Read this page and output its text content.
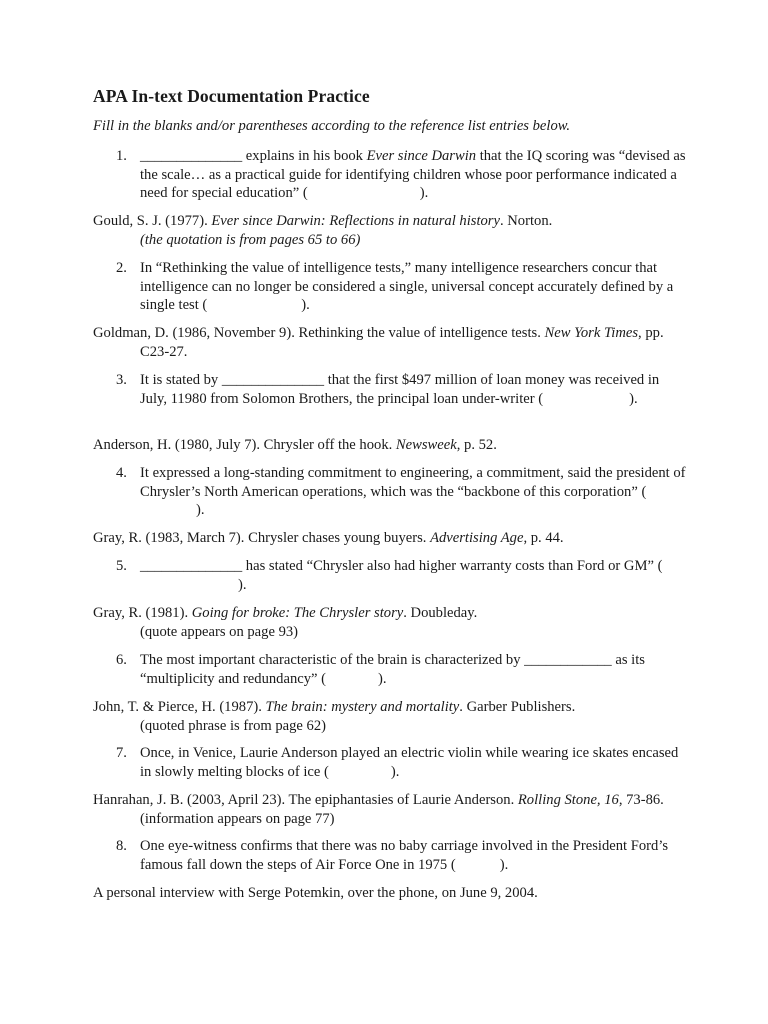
APA In-text Documentation Practice
Fill in the blanks and/or parentheses according to the reference list entries below.
1. ______________ explains in his book Ever since Darwin that the IQ scoring was “devised as the scale… as a practical guide for identifying children whose poor performance indicated a need for special education” (	).
Gould, S. J. (1977). Ever since Darwin: Reflections in natural history. Norton.
(the quotation is from pages 65 to 66)
2. In “Rethinking the value of intelligence tests,” many intelligence researchers concur that intelligence can no longer be considered a single, universal concept accurately defined by a single test (	).
Goldman, D. (1986, November 9). Rethinking the value of intelligence tests. New York Times, pp. C23-27.
3. It is stated by ______________ that the first $497 million of loan money was received in July, 11980 from Solomon Brothers, the principal loan under-writer (	).
Anderson, H. (1980, July 7). Chrysler off the hook. Newsweek, p. 52.
4. It expressed a long-standing commitment to engineering, a commitment, said the president of Chrysler’s North American operations, which was the “backbone of this corporation” ().
Gray, R. (1983, March 7). Chrysler chases young buyers. Advertising Age, p. 44.
5. ______________ has stated “Chrysler also had higher warranty costs than Ford or GM” ().
Gray, R. (1981). Going for broke: The Chrysler story. Doubleday.
(quote appears on page 93)
6. The most important characteristic of the brain is characterized by ____________ as its “multiplicity and redundancy” (	).
John, T. & Pierce, H. (1987). The brain: mystery and mortality. Garber Publishers.
(quoted phrase is from page 62)
7. Once, in Venice, Laurie Anderson played an electric violin while wearing ice skates encased in slowly melting blocks of ice (	).
Hanrahan, J. B. (2003, April 23). The epiphantasies of Laurie Anderson. Rolling Stone, 16, 73-86. (information appears on page 77)
8. One eye-witness confirms that there was no baby carriage involved in the President Ford’s famous fall down the steps of Air Force One in 1975 (	).
A personal interview with Serge Potemkin, over the phone, on June 9, 2004.
